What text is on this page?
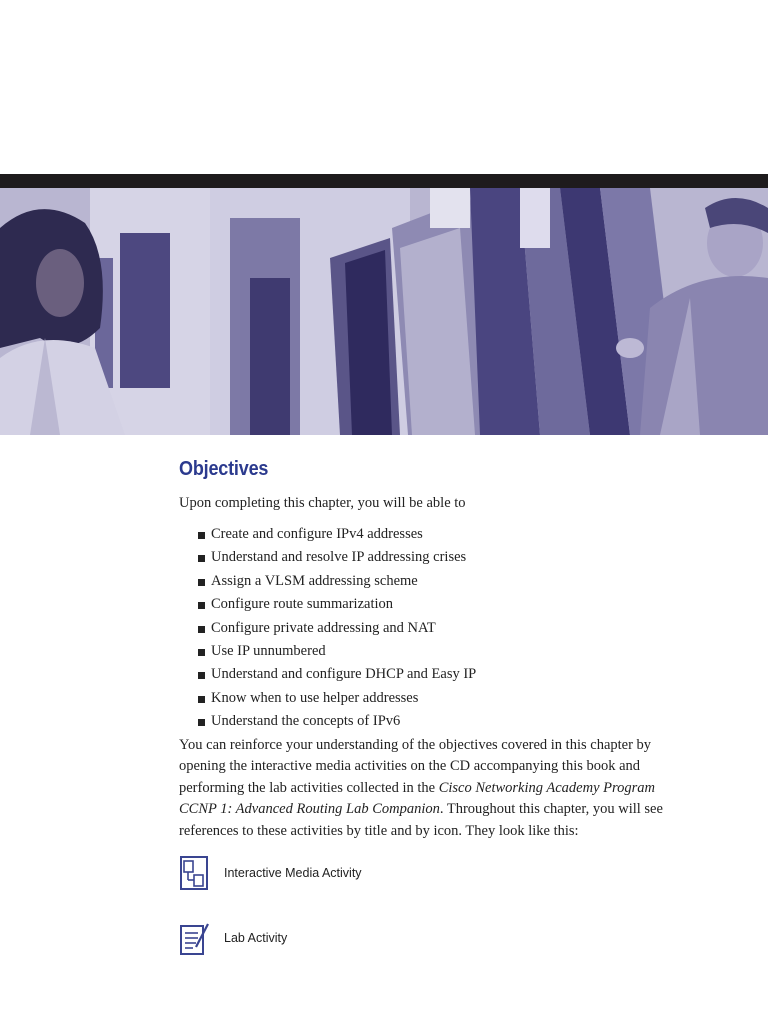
Objectives
Upon completing this chapter, you will be able to
Create and configure IPv4 addresses
Understand and resolve IP addressing crises
Assign a VLSM addressing scheme
Configure route summarization
Configure private addressing and NAT
Use IP unnumbered
Understand and configure DHCP and Easy IP
Know when to use helper addresses
Understand the concepts of IPv6
You can reinforce your understanding of the objectives covered in this chapter by opening the interactive media activities on the CD accompanying this book and performing the lab activities collected in the Cisco Networking Academy Program CCNP 1: Advanced Routing Lab Companion. Throughout this chapter, you will see references to these activities by title and by icon. They look like this:
Interactive Media Activity
Lab Activity
